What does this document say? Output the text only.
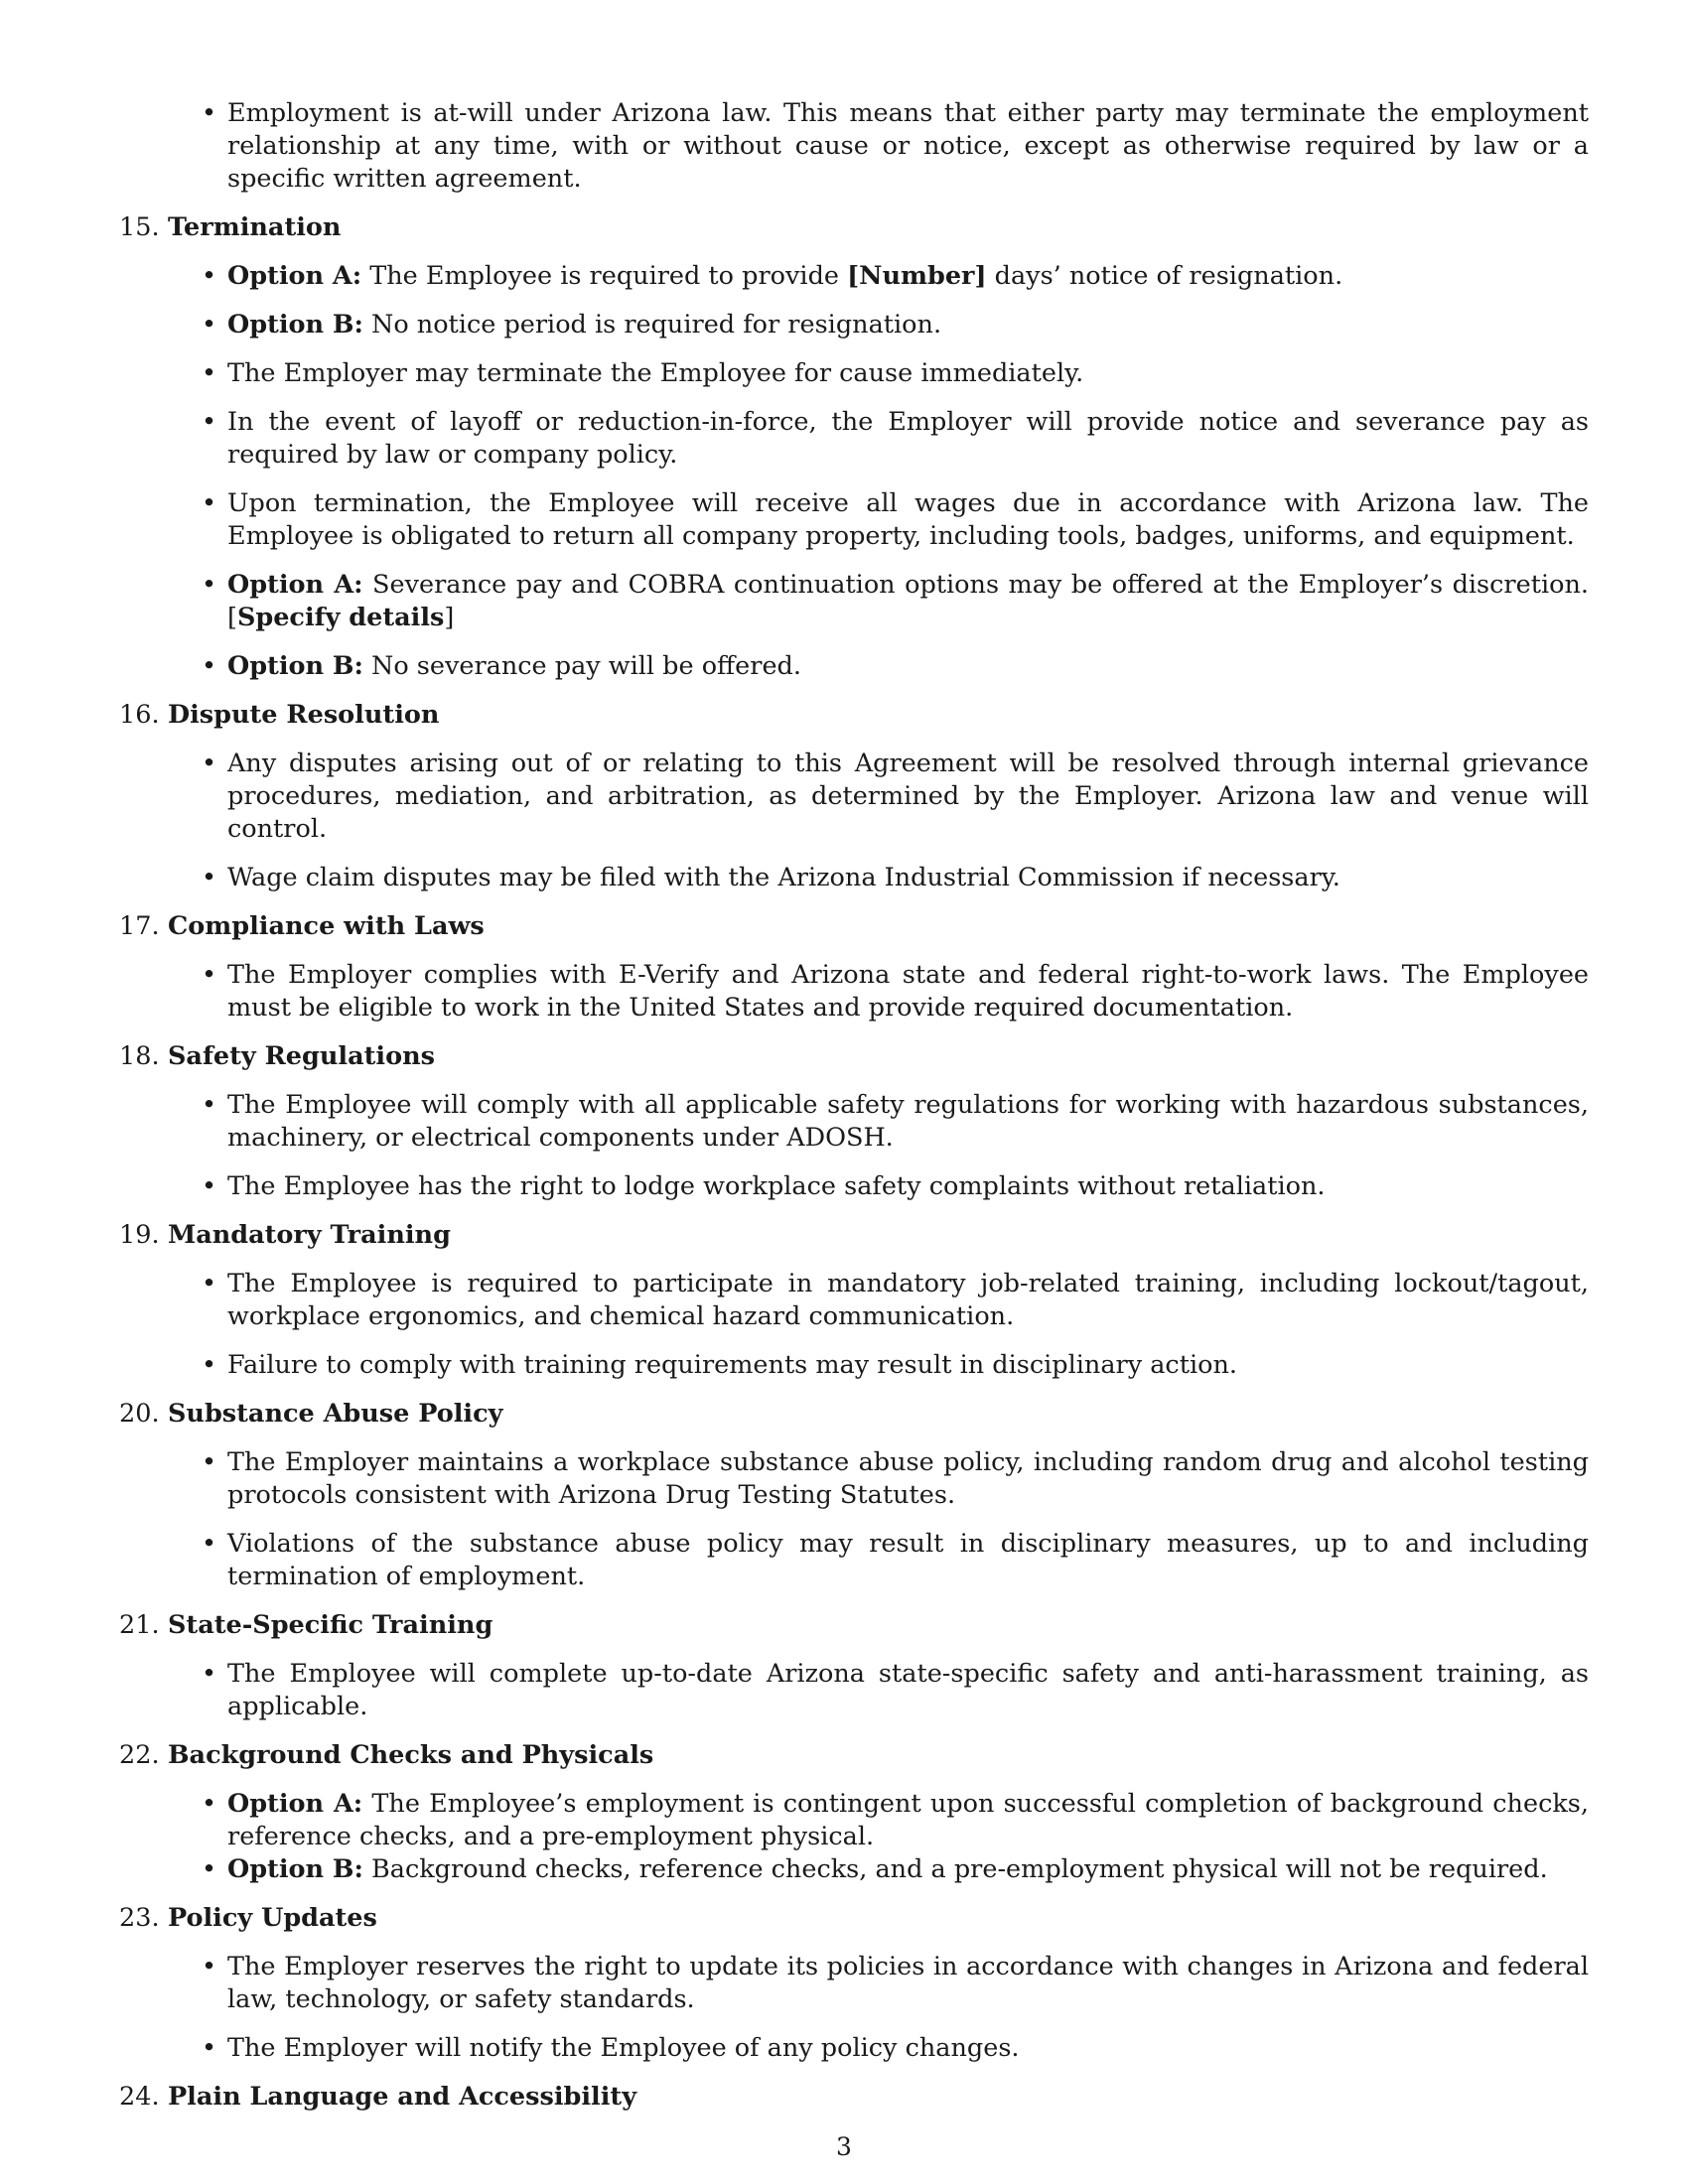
• Employment is at-will under Arizona law. This means that either party may terminate the employment relationship at any time, with or without cause or notice, except as otherwise required by law or a specific written agreement.
15. Termination
• Option A: The Employee is required to provide [Number] days’ notice of resignation.
• Option B: No notice period is required for resignation.
• The Employer may terminate the Employee for cause immediately.
• In the event of layoff or reduction-in-force, the Employer will provide notice and severance pay as required by law or company policy.
• Upon termination, the Employee will receive all wages due in accordance with Arizona law. The Employee is obligated to return all company property, including tools, badges, uniforms, and equipment.
• Option A: Severance pay and COBRA continuation options may be offered at the Employer’s discretion. [Specify details]
• Option B: No severance pay will be offered.
16. Dispute Resolution
• Any disputes arising out of or relating to this Agreement will be resolved through internal grievance procedures, mediation, and arbitration, as determined by the Employer. Arizona law and venue will control.
• Wage claim disputes may be filed with the Arizona Industrial Commission if necessary.
17. Compliance with Laws
• The Employer complies with E-Verify and Arizona state and federal right-to-work laws. The Employee must be eligible to work in the United States and provide required documentation.
18. Safety Regulations
• The Employee will comply with all applicable safety regulations for working with hazardous substances, machinery, or electrical components under ADOSH.
• The Employee has the right to lodge workplace safety complaints without retaliation.
19. Mandatory Training
• The Employee is required to participate in mandatory job-related training, including lockout/tagout, workplace ergonomics, and chemical hazard communication.
• Failure to comply with training requirements may result in disciplinary action.
20. Substance Abuse Policy
• The Employer maintains a workplace substance abuse policy, including random drug and alcohol testing protocols consistent with Arizona Drug Testing Statutes.
• Violations of the substance abuse policy may result in disciplinary measures, up to and including termination of employment.
21. State-Specific Training
• The Employee will complete up-to-date Arizona state-specific safety and anti-harassment training, as applicable.
22. Background Checks and Physicals
• Option A: The Employee’s employment is contingent upon successful completion of background checks, reference checks, and a pre-employment physical.
• Option B: Background checks, reference checks, and a pre-employment physical will not be required.
23. Policy Updates
• The Employer reserves the right to update its policies in accordance with changes in Arizona and federal law, technology, or safety standards.
• The Employer will notify the Employee of any policy changes.
24. Plain Language and Accessibility
3
